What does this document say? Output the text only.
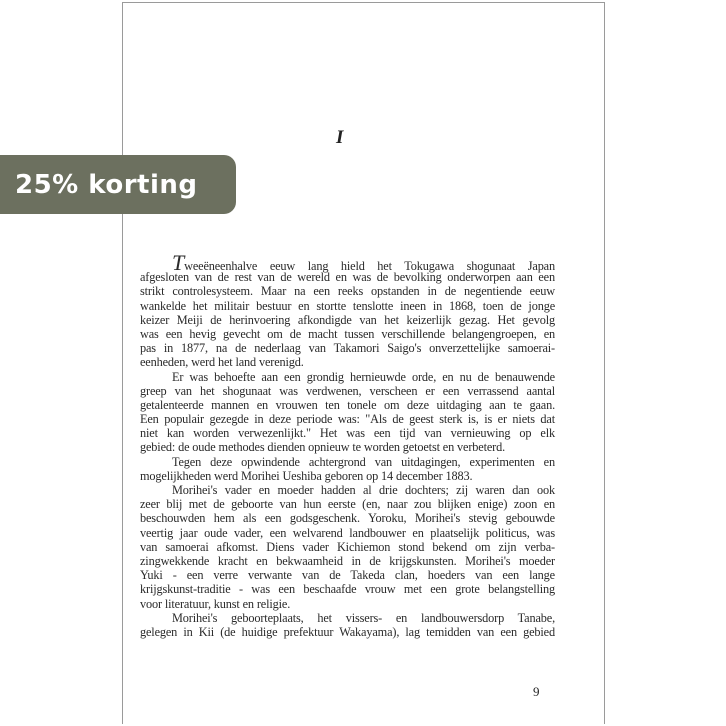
I
Tweeëneenhalve eeuw lang hield het Tokugawa shogunaat Japan
afgesloten van de rest van de wereld en was de bevolking onderworpen aan een
strikt controlesysteem. Maar na een reeks opstanden in de negentiende eeuw
wankelde het militair bestuur en stortte tenslotte ineen in 1868, toen de jonge
keizer Meiji de herinvoering afkondigde van het keizerlijk gezag. Het gevolg
was een hevig gevecht om de macht tussen verschillende belangengroepen, en
pas in 1877, na de nederlaag van Takamori Saigo's onverzettelijke samoerai-
eenheden, werd het land verenigd.
Er was behoefte aan een grondig hernieuwde orde, en nu de benauwende
greep van het shogunaat was verdwenen, verscheen er een verrassend aantal
getalenteerde mannen en vrouwen ten tonele om deze uitdaging aan te gaan.
Een populair gezegde in deze periode was: "Als de geest sterk is, is er niets dat
niet kan worden verwezenlijkt." Het was een tijd van vernieuwing op elk
gebied: de oude methodes dienden opnieuw te worden getoetst en verbeterd.
Tegen deze opwindende achtergrond van uitdagingen, experimenten en
mogelijkheden werd Morihei Ueshiba geboren op 14 december 1883.
Morihei's vader en moeder hadden al drie dochters; zij waren dan ook
zeer blij met de geboorte van hun eerste (en, naar zou blijken enige) zoon en
beschouwden hem als een godsgeschenk. Yoroku, Morihei's stevig gebouwde
veertig jaar oude vader, een welvarend landbouwer en plaatselijk politicus, was
van samoerai afkomst. Diens vader Kichiemon stond bekend om zijn verba-
zingwekkende kracht en bekwaamheid in de krijgskunsten. Morihei's moeder
Yuki - een verre verwante van de Takeda clan, hoeders van een lange
krijgskunst-traditie - was een beschaafde vrouw met een grote belangstelling
voor literatuur, kunst en religie.
Morihei's geboorteplaats, het vissers- en landbouwersdorp Tanabe,
gelegen in Kii (de huidige prefektuur Wakayama), lag temidden van een gebied
9
25% korting
